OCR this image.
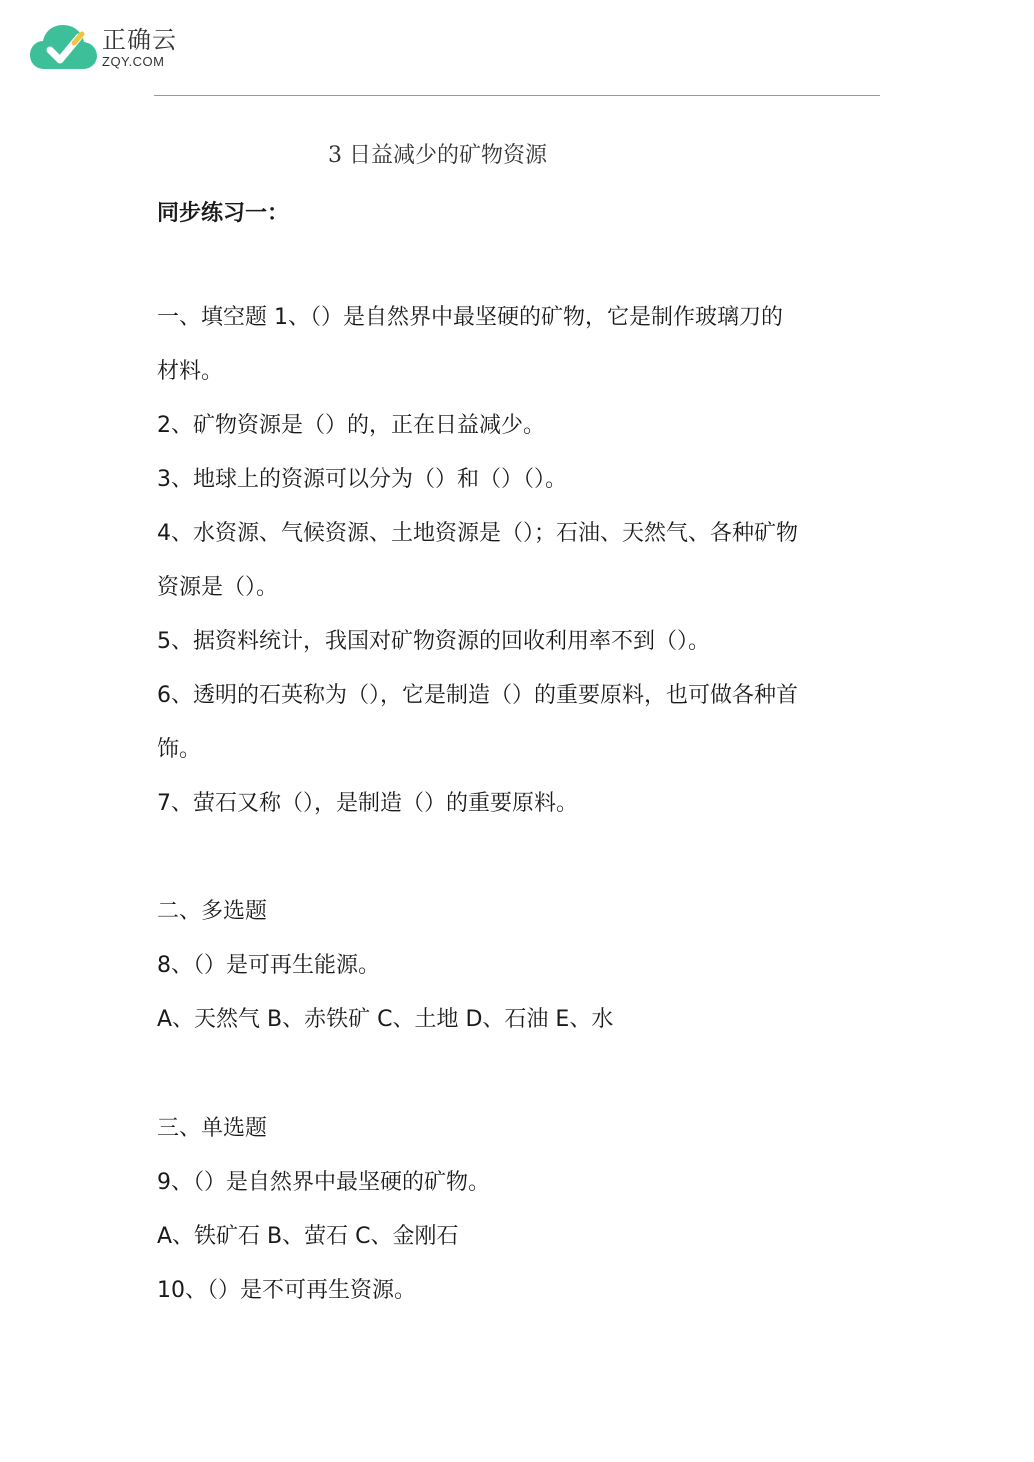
正确云
ZQY.COM
3 日益减少的矿物资源
同步练习一：
一、填空题 1、（）是自然界中最坚硬的矿物，它是制作玻璃刀的
材料。
2、矿物资源是（）的，正在日益减少。
3、地球上的资源可以分为（）和（）（）。
4、水资源、气候资源、土地资源是（）；石油、天然气、各种矿物
资源是（）。
5、据资料统计，我国对矿物资源的回收利用率不到（）。
6、透明的石英称为（），它是制造（）的重要原料，也可做各种首
饰。
7、萤石又称（），是制造（）的重要原料。
二、多选题
8、（）是可再生能源。
A、天然气 B、赤铁矿 C、土地 D、石油 E、水
三、单选题
9、（）是自然界中最坚硬的矿物。
A、铁矿石 B、萤石 C、金刚石
10、（）是不可再生资源。
